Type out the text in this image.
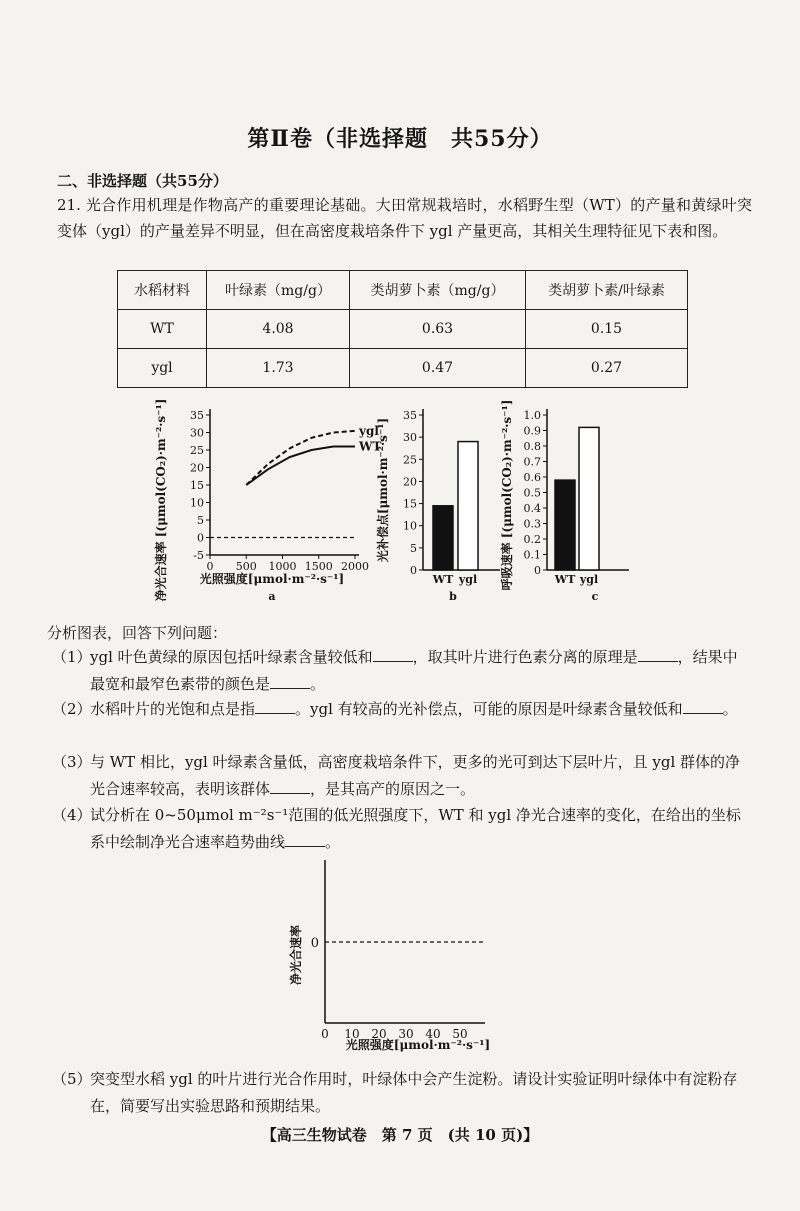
第Ⅱ卷（非选择题　共55分）
二、非选择题（共55分）
21. 光合作用机理是作物高产的重要理论基础。大田常规栽培时，水稻野生型（WT）的产量和黄绿叶突变体（ygl）的产量差异不明显，但在高密度栽培条件下 ygl 产量更高，其相关生理特征见下表和图。
水稻材料	叶绿素（mg/g）	类胡萝卜素（mg/g）	类胡萝卜素/叶绿素
WT	4.08	0.63	0.15
ygl	1.73	0.47	0.27
净光合速率 [(μmol(CO₂)·m⁻²·s⁻¹]	光照强度[μmol·m⁻²·s⁻¹]
a
-5
0
5
10
15
20
25
30
35
0 500 1000 1500 2000
ygl
WT
光补偿点[μmol·m⁻²·s⁻¹]
b
0
5
10
15
20
25
30
35
WT ygl 呼吸速率 [(μmol(CO₂)·m⁻²·s⁻¹]
c
0
0.1
0.2
0.3
0.4
0.5
0.6
0.7
0.8
0.9
1.0
WT ygl
分析图表，回答下列问题：
（1）
ygl 叶色黄绿的原因包括叶绿素含量较低和	，取其叶片进行色素分离的原理是	，结果中最宽和最窄色素带的颜色是	。
（2）
水稻叶片的光饱和点是指	。ygl 有较高的光补偿点，可能的原因是叶绿素含量较低和	。
（3）
与 WT 相比，ygl 叶绿素含量低，高密度栽培条件下，更多的光可到达下层叶片，且 ygl 群体的净光合速率较高，表明该群体	，是其高产的原因之一。
（4）
试分析在 0~50μmol m⁻²s⁻¹范围的低光照强度下，WT 和 ygl 净光合速率的变化，在给出的坐标系中绘制净光合速率趋势曲线	。
净光合速率
光照强度[μmol·m⁻²·s⁻¹]
0
0 10 20 30 40 50
（5）
突变型水稻 ygl 的叶片进行光合作用时，叶绿体中会产生淀粉。请设计实验证明叶绿体中有淀粉存在，简要写出实验思路和预期结果。
【高三生物试卷　第 7 页　(共 10 页)】
